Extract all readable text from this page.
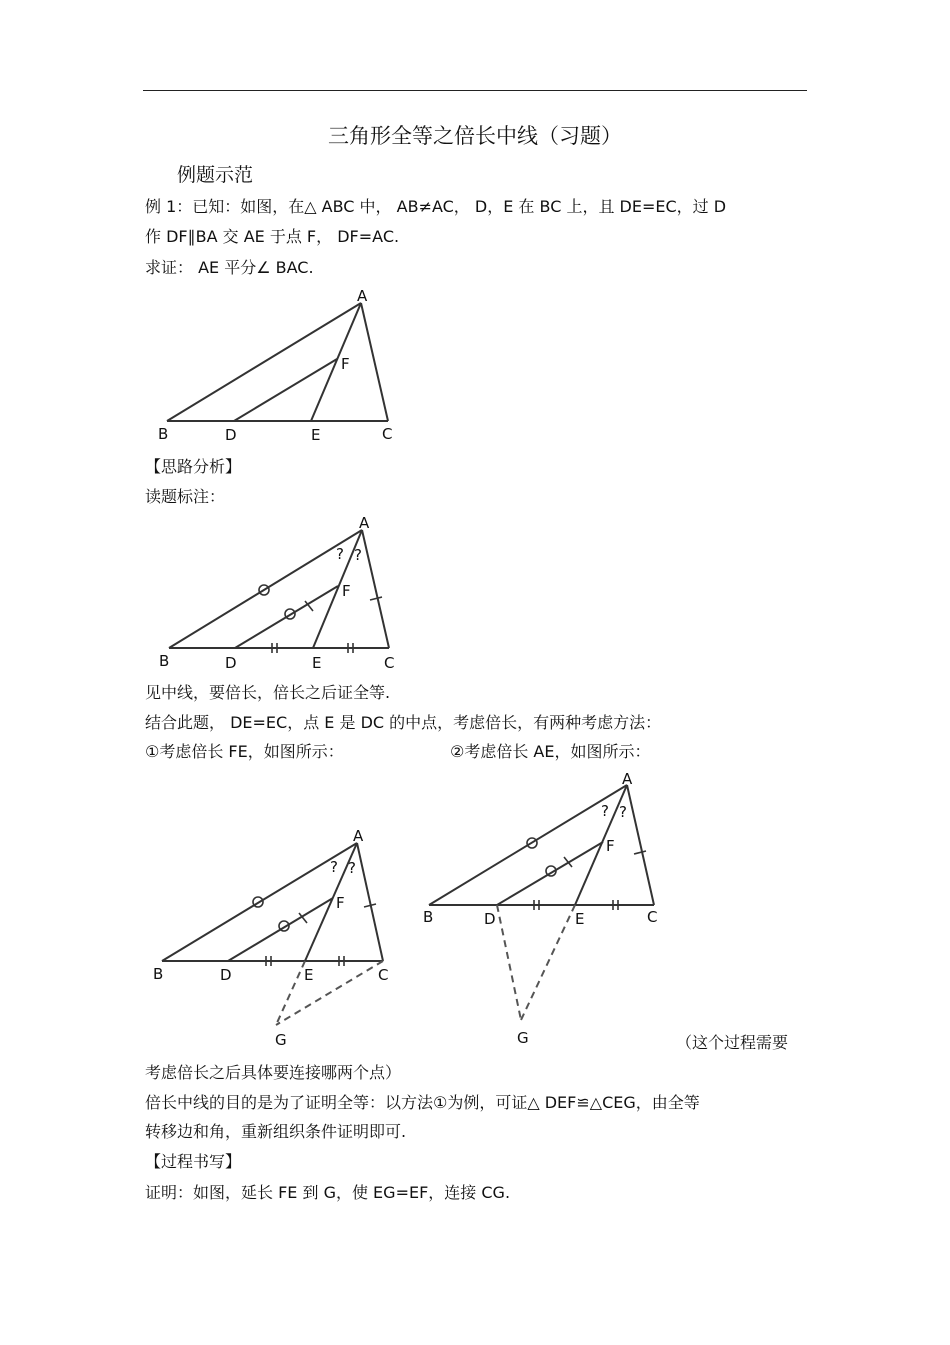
三角形全等之倍长中线（习题）
例题示范
例 1：已知：如图，在△ ABC 中， AB≠AC， D，E 在 BC 上，且 DE=EC，过 D
作 DF∥BA 交 AE 于点 F， DF=AC.
求证： AE 平分∠ BAC.
A
F
B	D	E	C
【思路分析】
读题标注：
A
? ?
F
B	D	E	C
见中线，要倍长，倍长之后证全等.
结合此题， DE=EC，点 E 是 DC 的中点，考虑倍长，有两种考虑方法：
①考虑倍长 FE，如图所示：	②考虑倍长 AE，如图所示：
A
? ?
F
B	D	E	C
G
A
? ?
F
B	D	E	C
G	（这个过程需要
考虑倍长之后具体要连接哪两个点）
倍长中线的目的是为了证明全等：以方法①为例，可证△ DEF≌△CEG，由全等
转移边和角，重新组织条件证明即可.
【过程书写】
证明：如图，延长 FE 到 G，使 EG=EF，连接 CG.
